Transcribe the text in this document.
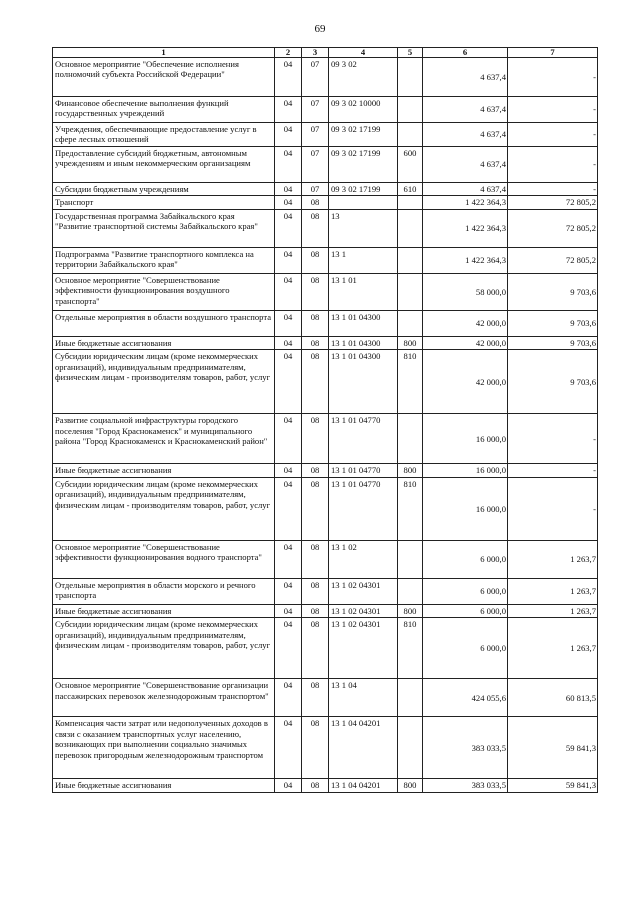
69
1	2	3	4	5	6	7
Основное мероприятие "Обеспечение исполнения полномочий субъекта Российской Федерации"	04	07	09 3 02		4 637,4	-
Финансовое обеспечение выполнения функций государственных учреждений	04	07	09 3 02 10000		4 637,4	-
Учреждения, обеспечивающие предоставление услуг в сфере лесных отношений	04	07	09 3 02 17199		4 637,4	-
Предоставление субсидий бюджетным, автономным учреждениям и иным некоммерческим организациям	04	07	09 3 02 17199	600	4 637,4	-
Субсидии бюджетным учреждениям	04	07	09 3 02 17199	610	4 637,4	-
Транспорт	04	08			1 422 364,3	72 805,2
Государственная программа Забайкальского края "Развитие транспортной системы Забайкальского края"	04	08	13		1 422 364,3	72 805,2
Подпрограмма "Развитие транспортного комплекса на территории Забайкальского края"	04	08	13 1		1 422 364,3	72 805,2
Основное мероприятие "Совершенствование эффективности функционирования воздушного транспорта"	04	08	13 1 01		58 000,0	9 703,6
Отдельные мероприятия в области воздушного транспорта	04	08	13 1 01 04300		42 000,0	9 703,6
Иные бюджетные ассигнования	04	08	13 1 01 04300	800	42 000,0	9 703,6
Субсидии юридическим лицам (кроме некоммерческих организаций), индивидуальным предпринимателям, физическим лицам - производителям товаров, работ, услуг	04	08	13 1 01 04300	810	42 000,0	9 703,6
Развитие социальной инфраструктуры городского поселения "Город Краснокаменск" и муниципального района "Город Краснокаменск и Краснокаменский район"	04	08	13 1 01 04770		16 000,0	-
Иные бюджетные ассигнования	04	08	13 1 01 04770	800	16 000,0	-
Субсидии юридическим лицам (кроме некоммерческих организаций), индивидуальным предпринимателям, физическим лицам - производителям товаров, работ, услуг	04	08	13 1 01 04770	810	16 000,0	-
Основное мероприятие "Совершенствование эффективности функционирования водного транспорта"	04	08	13 1 02		6 000,0	1 263,7
Отдельные мероприятия в области морского и речного транспорта	04	08	13 1 02 04301		6 000,0	1 263,7
Иные бюджетные ассигнования	04	08	13 1 02 04301	800	6 000,0	1 263,7
Субсидии юридическим лицам (кроме некоммерческих организаций), индивидуальным предпринимателям, физическим лицам - производителям товаров, работ, услуг	04	08	13 1 02 04301	810	6 000,0	1 263,7
Основное мероприятие "Совершенствование организации пассажирских перевозок железнодорожным транспортом"	04	08	13 1 04		424 055,6	60 813,5
Компенсация части затрат или недополученных доходов в связи с оказанием транспортных услуг населению, возникающих при выполнении социально значимых перевозок пригородным железнодорожным транспортом	04	08	13 1 04 04201		383 033,5	59 841,3
Иные бюджетные ассигнования	04	08	13 1 04 04201	800	383 033,5	59 841,3
